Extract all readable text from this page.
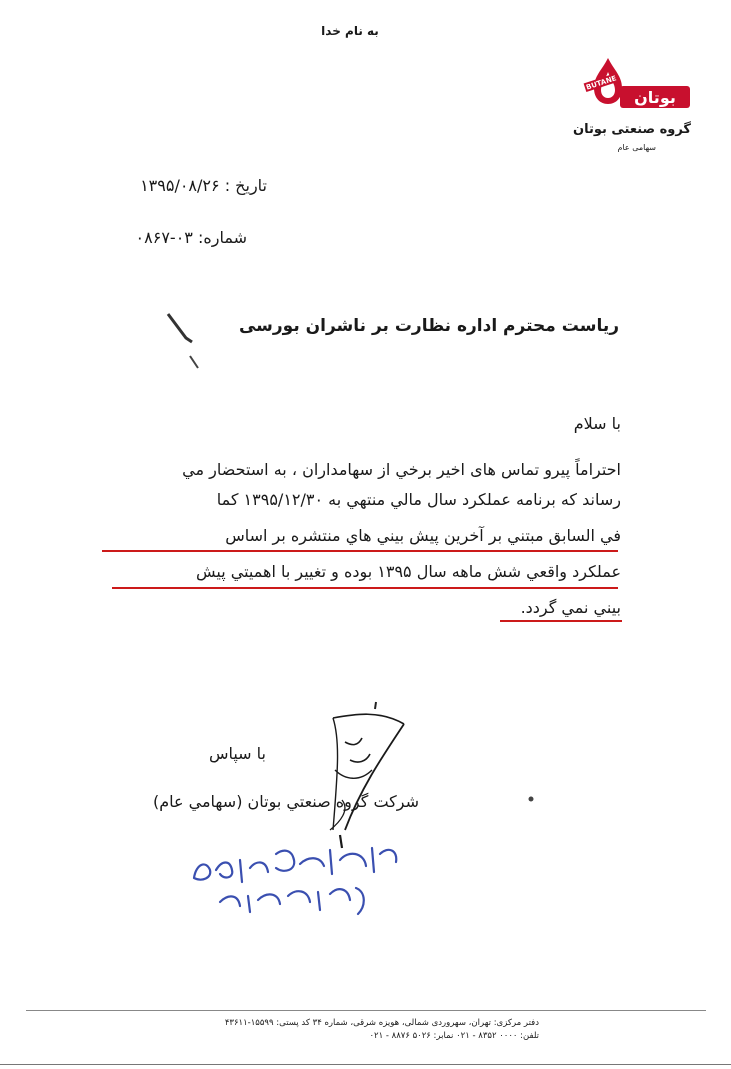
به نام خدا
BUTANE
بوتان
گروه صنعتی بوتان
سهامی عام
تاریخ : ۱۳۹۵/۰۸/۲۶
شماره: ۰۳-۰۸۶۷
ریاست محترم اداره نظارت بر ناشران بورسی
با سلام
احتراماً پیرو تماس های اخیر برخي از سهامداران ، به استحضار مي
رساند که برنامه عملکرد سال مالي منتهي به ۱۳۹۵/۱۲/۳۰ کما
في السابق مبتني بر آخرين پيش بيني هاي منتشره بر اساس
عملکرد واقعي شش ماهه سال ۱۳۹۵ بوده و تغيير با اهميتي پيش
بيني نمي گردد.
با سپاس
شرکت گروه صنعتي بوتان (سهامي عام)
دفتر مرکزی: تهران، سهروردی شمالی، هویزه شرقی، شماره ۳۴ کد پستی: ۱۵۵۹۹-۴۳۶۱۱
تلفن: ۰۰۰۰ ۸۳۵۲ - ۰۲۱ نمابر: ۵۰۲۶ ۸۸۷۶ - ۰۲۱
